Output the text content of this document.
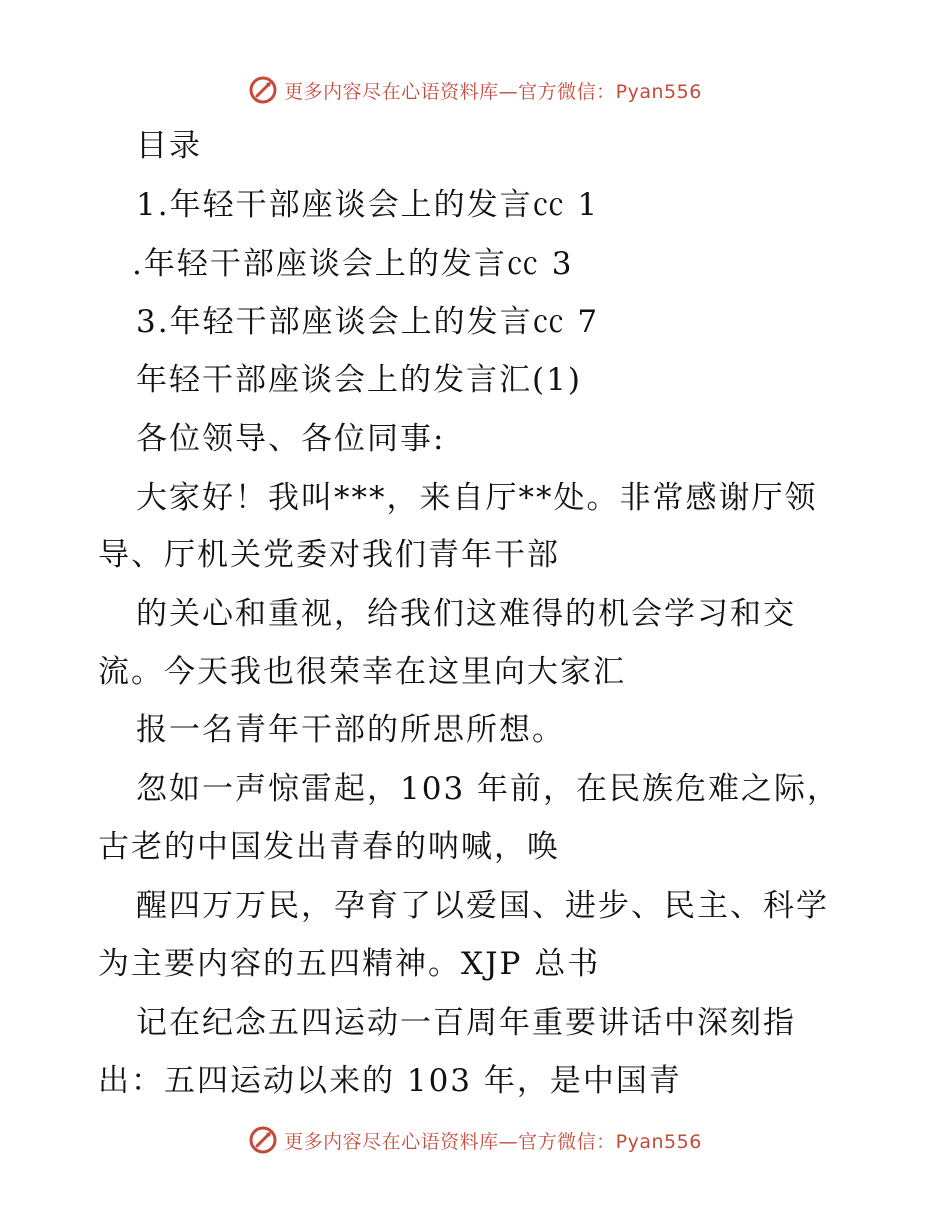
更多内容尽在心语资料库—官方微信：Pyan556
目录
1.年轻干部座谈会上的发言㏄ 1
.年轻干部座谈会上的发言㏄ 3
3.年轻干部座谈会上的发言㏄ 7
年轻干部座谈会上的发言汇(1)
各位领导、各位同事:
大家好！我叫***，来自厅**处。非常感谢厅领
导、厅机关党委对我们青年干部
的关心和重视，给我们这难得的机会学习和交
流。今天我也很荣幸在这里向大家汇
报一名青年干部的所思所想。
忽如一声惊雷起，103 年前，在民族危难之际，
古老的中国发出青春的呐喊，唤
醒四万万民，孕育了以爱国、进步、民主、科学
为主要内容的五四精神。XJP 总书
记在纪念五四运动一百周年重要讲话中深刻指
出：五四运动以来的 103 年，是中国青
更多内容尽在心语资料库—官方微信：Pyan556
